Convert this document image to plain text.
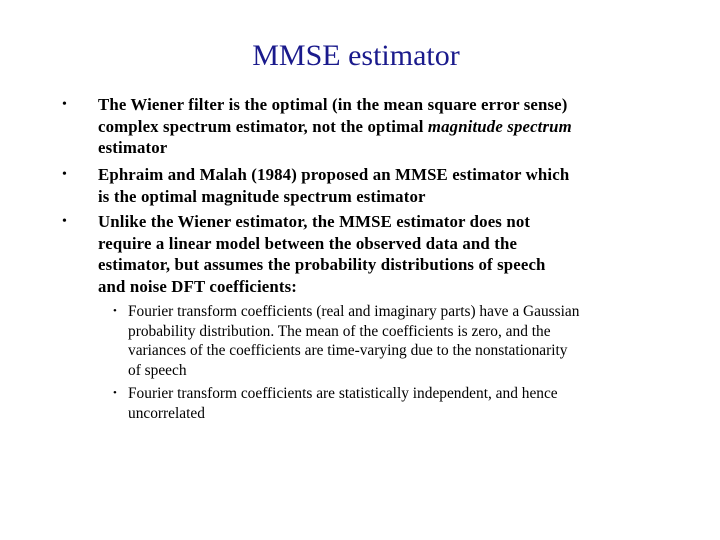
MMSE estimator
• The Wiener filter is the optimal (in the mean square error sense)
complex spectrum estimator, not the optimal magnitude spectrum
estimator

• Ephraim and Malah (1984) proposed an MMSE estimator which
is the optimal magnitude spectrum estimator

• Unlike the Wiener estimator, the MMSE estimator does not
require a linear model between the observed data and the
estimator, but assumes the probability distributions of speech
and noise DFT coefficients:

• Fourier transform coefficients (real and imaginary parts) have a Gaussian
probability distribution. The mean of the coefficients is zero, and the
variances of the coefficients are time-varying due to the nonstationarity
of speech

• Fourier transform coefficients are statistically independent, and hence
uncorrelated
